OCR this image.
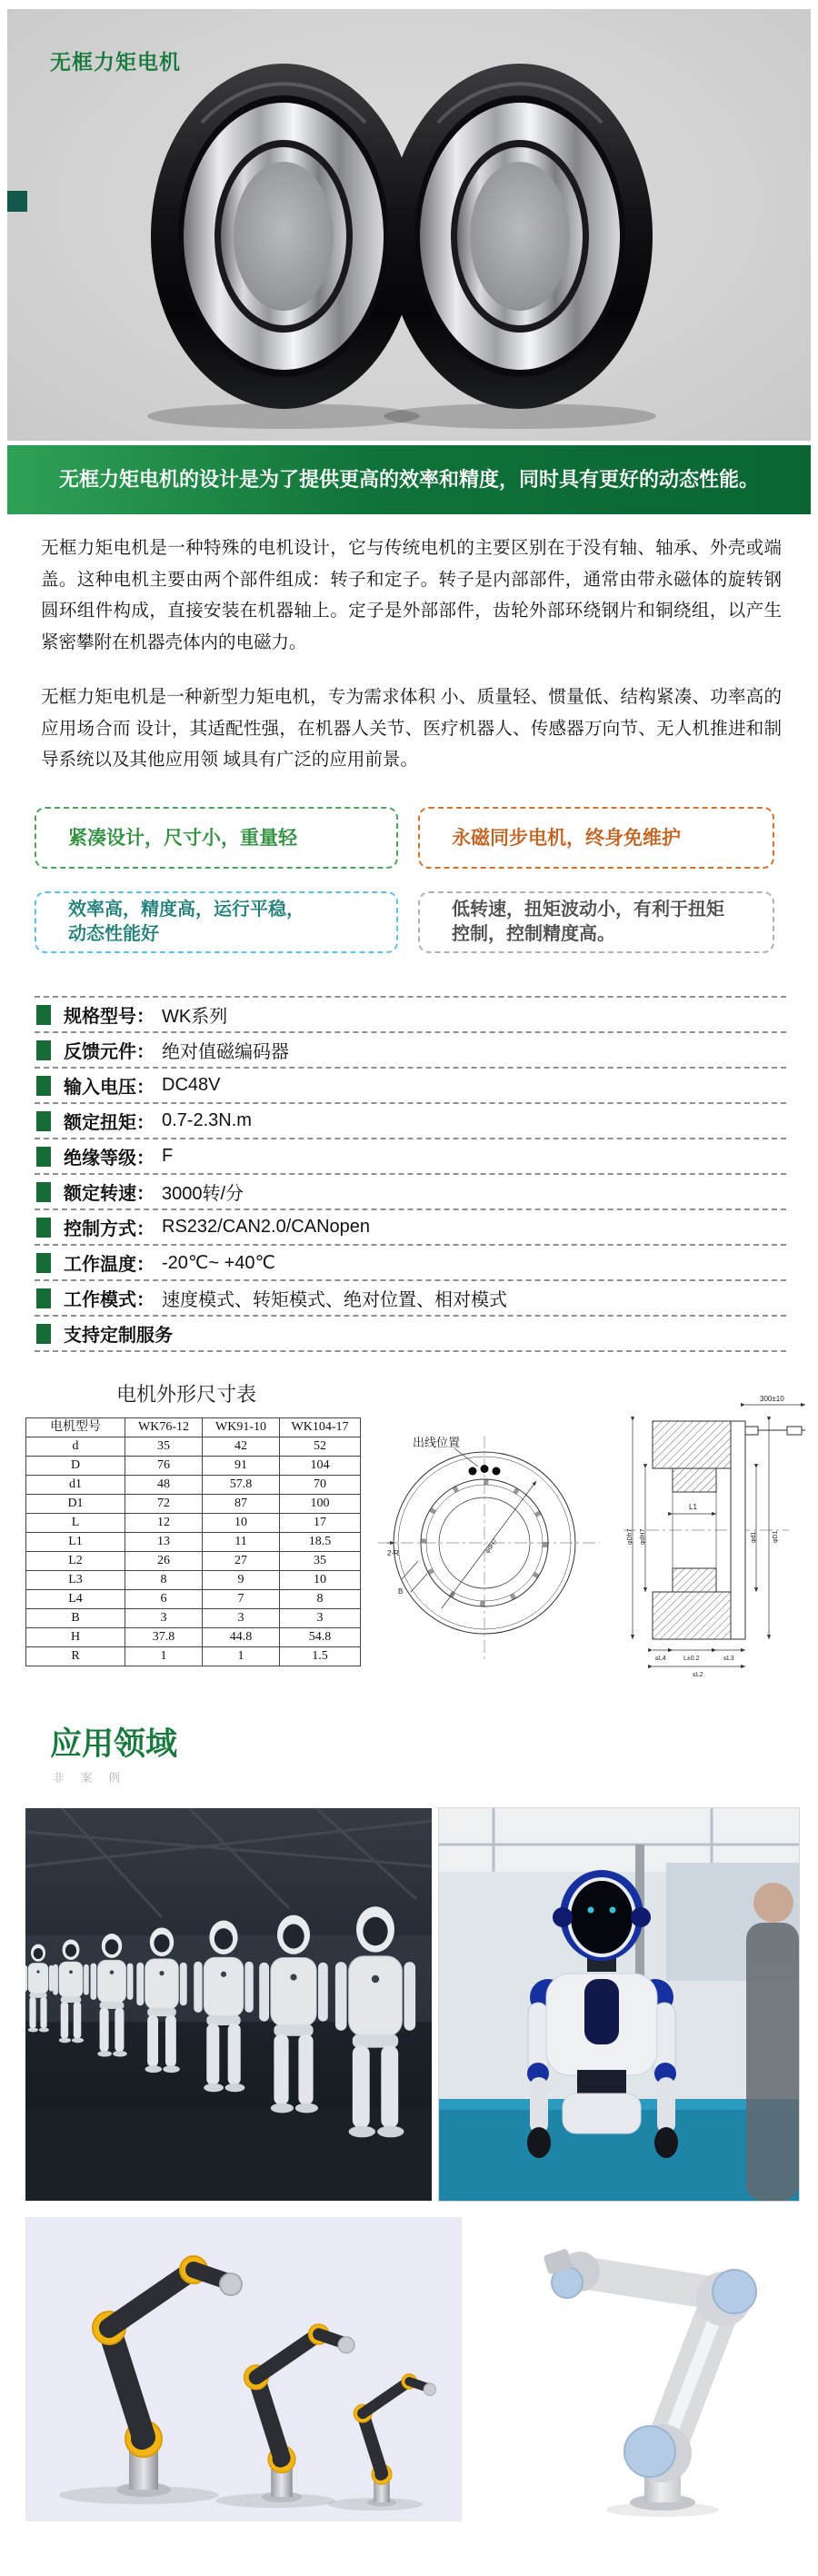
无框力矩电机
无框力矩电机的设计是为了提供更高的效率和精度，同时具有更好的动态性能。

无框力矩电机是一种特殊的电机设计，它与传统电机的主要区别在于没有轴、轴承、外壳或端盖。这种电机主要由两个部件组成：转子和定子。转子是内部部件，通常由带永磁体的旋转钢圆环组件构成，直接安装在机器轴上。定子是外部部件，齿轮外部环绕钢片和铜绕组，以产生紧密攀附在机器壳体内的电磁力。

无框力矩电机是一种新型力矩电机，专为需求体积 小、质量轻、惯量低、结构紧凑、功率高的应用场合而 设计，其适配性强，在机器人关节、医疗机器人、传感器万向节、无人机推进和制导系统以及其他应用领 域具有广泛的应用前景。

紧凑设计，尺寸小，重量轻	永磁同步电机，终身免维护
效率高，精度高，运行平稳，
动态性能好
低转速，扭矩波动小，有利于扭矩
控制，控制精度高。
规格型号： WK系列
反馈元件： 绝对值磁编码器
输入电压： DC48V
额定扭矩： 0.7-2.3N.m
绝缘等级： F
额定转速： 3000转/分
控制方式： RS232/CAN2.0/CANopen
工作温度： -20℃~ +40℃
工作模式： 速度模式、转矩模式、绝对位置、相对模式
支持定制服务
电机外形尺寸表
电机型号	WK76-12	WK91-10	WK104-17
d	35	42	52
D	76	91	104
d1	48	57.8	70
D1	72	87	100
L	12	10	17
L1	13	11	18.5
L2	26	27	35
L3	8	9	10
L4	6	7	8
B	3	3	3
H	37.8	44.8	54.8
R	1	1	1.5
出线位置
2-R	φdH7
B
300±10
φDh7 φdH7	φd1 φD1
L1
≤L4	L±0.2	≤L3
≤L2
应用领域
非 案 例
